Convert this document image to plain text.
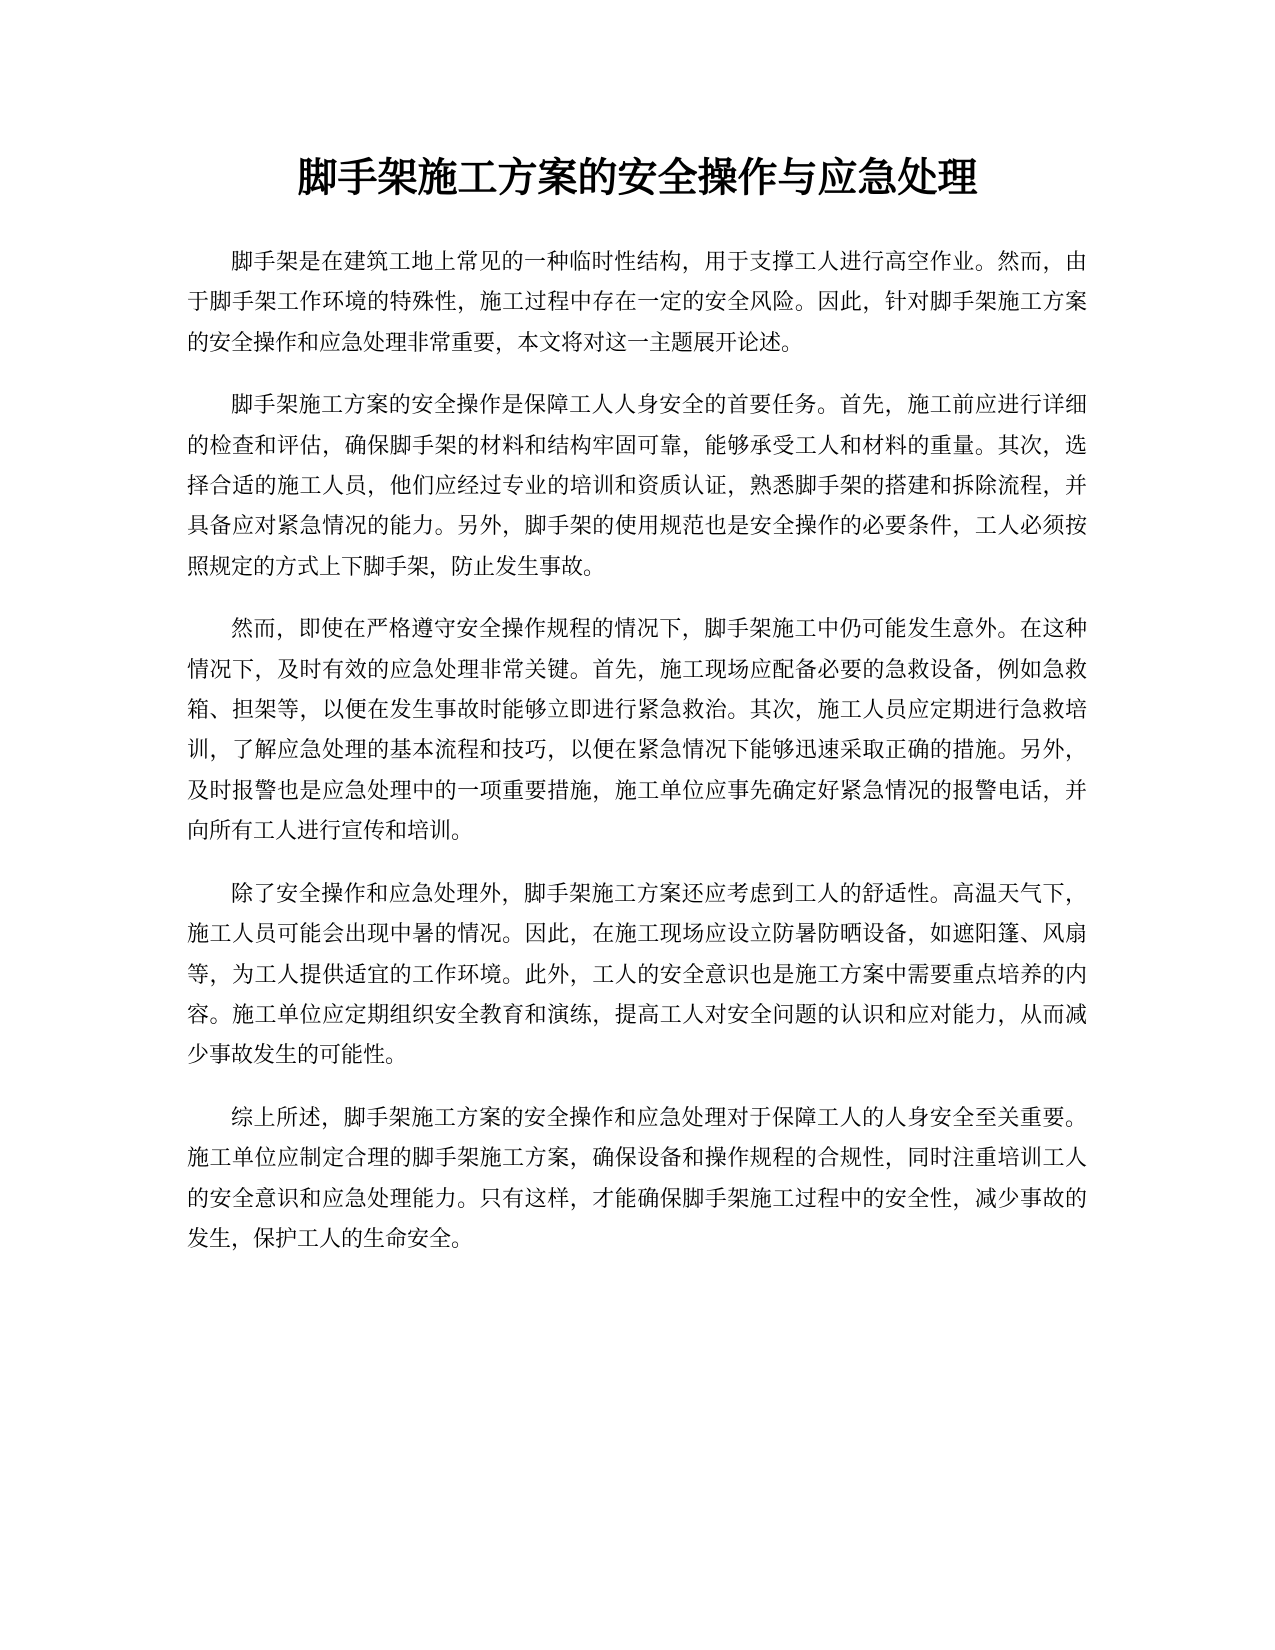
脚手架施工方案的安全操作与应急处理

脚手架是在建筑工地上常见的一种临时性结构，用于支撑工人进行高空作业。然而，由于脚手架工作环境的特殊性，施工过程中存在一定的安全风险。因此，针对脚手架施工方案的安全操作和应急处理非常重要，本文将对这一主题展开论述。

脚手架施工方案的安全操作是保障工人人身安全的首要任务。首先，施工前应进行详细的检查和评估，确保脚手架的材料和结构牢固可靠，能够承受工人和材料的重量。其次，选择合适的施工人员，他们应经过专业的培训和资质认证，熟悉脚手架的搭建和拆除流程，并具备应对紧急情况的能力。另外，脚手架的使用规范也是安全操作的必要条件，工人必须按照规定的方式上下脚手架，防止发生事故。

然而，即使在严格遵守安全操作规程的情况下，脚手架施工中仍可能发生意外。在这种情况下，及时有效的应急处理非常关键。首先，施工现场应配备必要的急救设备，例如急救箱、担架等，以便在发生事故时能够立即进行紧急救治。其次，施工人员应定期进行急救培训，了解应急处理的基本流程和技巧，以便在紧急情况下能够迅速采取正确的措施。另外，及时报警也是应急处理中的一项重要措施，施工单位应事先确定好紧急情况的报警电话，并向所有工人进行宣传和培训。

除了安全操作和应急处理外，脚手架施工方案还应考虑到工人的舒适性。高温天气下，施工人员可能会出现中暑的情况。因此，在施工现场应设立防暑防晒设备，如遮阳篷、风扇等，为工人提供适宜的工作环境。此外，工人的安全意识也是施工方案中需要重点培养的内容。施工单位应定期组织安全教育和演练，提高工人对安全问题的认识和应对能力，从而减少事故发生的可能性。

综上所述，脚手架施工方案的安全操作和应急处理对于保障工人的人身安全至关重要。施工单位应制定合理的脚手架施工方案，确保设备和操作规程的合规性，同时注重培训工人的安全意识和应急处理能力。只有这样，才能确保脚手架施工过程中的安全性，减少事故的发生，保护工人的生命安全。
